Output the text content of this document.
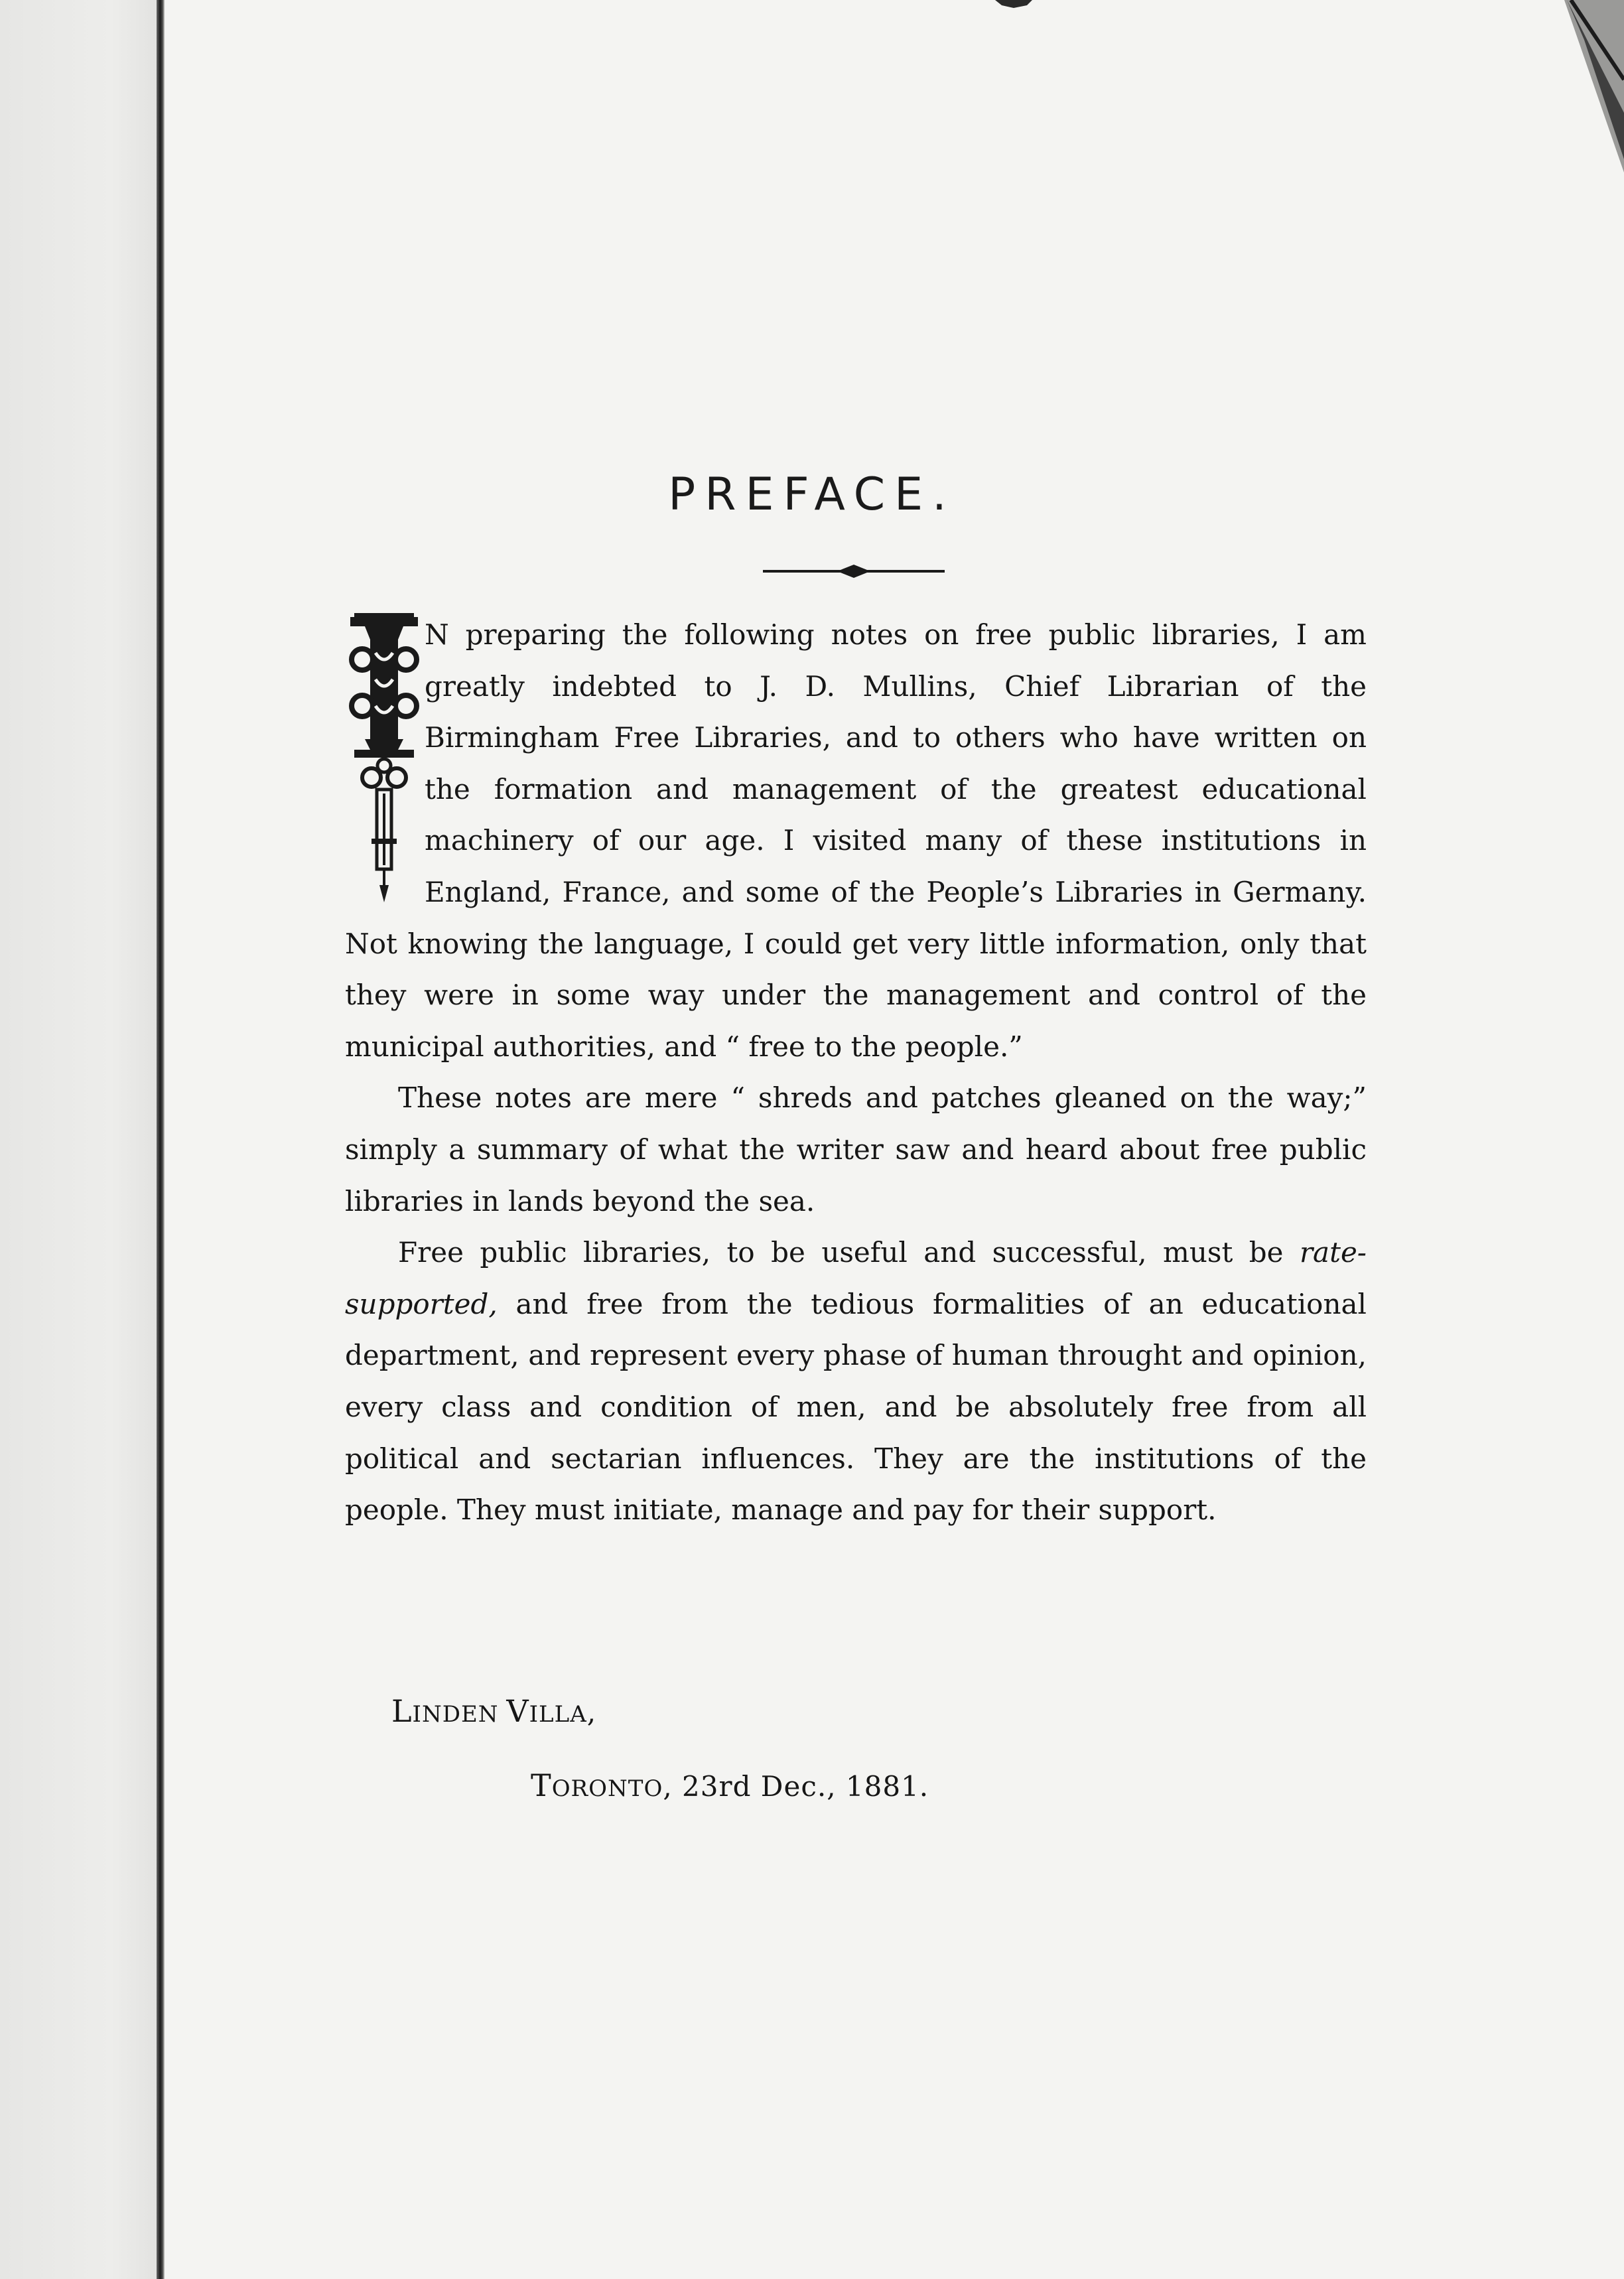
PREFACE.

N preparing the following notes on free public libraries, I am greatly indebted to J. D. Mullins, Chief Librarian of the Birmingham Free Libraries, and to others who have written on the formation and management of the greatest educational machinery of our age. I visited many of these institutions in England, France, and some of the People’s Libraries in Germany. Not knowing the language, I could get very little information, only that they were in some way under the management and control of the municipal authorities, and “ free to the people.”

These notes are mere “ shreds and patches gleaned on the way;” simply a summary of what the writer saw and heard about free public libraries in lands beyond the sea.

Free public libraries, to be useful and successful, must be rate-supported, and free from the tedious formalities of an educational department, and represent every phase of human throught and opinion, every class and condition of men, and be absolutely free from all political and sectarian influences. They are the institutions of the people. They must initiate, manage and pay for their support.

LINDEN VILLA,
TORONTO, 23rd Dec., 1881.
